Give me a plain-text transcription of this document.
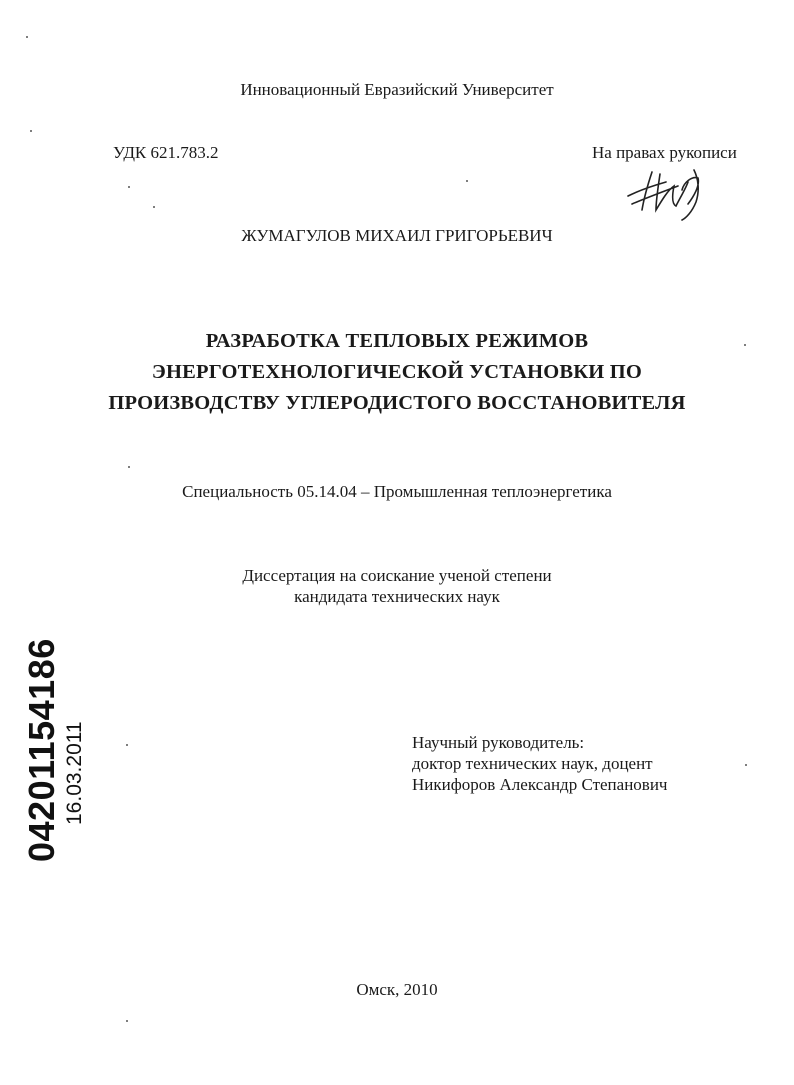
Инновационный Евразийский Университет
УДК 621.783.2	На правах рукописи
ЖУМАГУЛОВ МИХАИЛ ГРИГОРЬЕВИЧ
РАЗРАБОТКА ТЕПЛОВЫХ РЕЖИМОВ
ЭНЕРГОТЕХНОЛОГИЧЕСКОЙ УСТАНОВКИ ПО
ПРОИЗВОДСТВУ УГЛЕРОДИСТОГО ВОССТАНОВИТЕЛЯ
Специальность 05.14.04 – Промышленная теплоэнергетика
Диссертация на соискание ученой степени
кандидата технических наук
Научный руководитель:
доктор технических наук, доцент
Никифоров Александр Степанович
Омск, 2010
04201154186 16.03.2011
